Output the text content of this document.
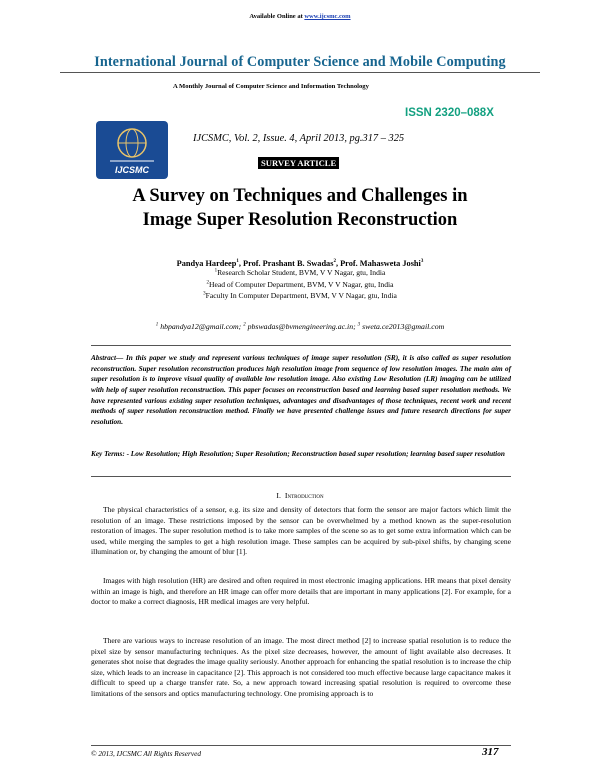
Available Online at www.ijcsmc.com
International Journal of Computer Science and Mobile Computing
A Monthly Journal of Computer Science and Information Technology
ISSN 2320–088X
IJCSMC
IJCSMC, Vol. 2, Issue. 4, April 2013, pg.317 – 325
SURVEY ARTICLE
A Survey on Techniques and Challenges in
Image Super Resolution Reconstruction
Pandya Hardeep$^1$, Prof. Prashant B. Swadas$^2$, Prof. Mahasweta Joshi$^3$
$^1$Research Scholar Student, BVM, V V Nagar, gtu, India
$^2$Head of Computer Department, BVM, V V Nagar, gtu, India
$^3$Faculty In Computer Department, BVM, V V Nagar, gtu, India
$^1$ hbpandya12@gmail.com; $^2$ pbswadas@bvmengineering.ac.in; $^3$ sweta.ce2013@gmail.com
Abstract— In this paper we study and represent various techniques of image super resolution (SR), it is also called as super resolution reconstruction. Super resolution reconstruction produces high resolution image from sequence of low resolution images. The main aim of super resolution is to improve visual quality of available low resolution image. Also existing Low Resolution (LR) imaging can be utilized with help of super resolution reconstruction. This paper focuses on reconstruction based and learning based super resolution methods. We have represented various existing super resolution techniques, advantages and disadvantages of those techniques, recent work and recent methods of super resolution reconstruction method. Finally we have presented challenge issues and future research directions for super resolution.
Key Terms: - Low Resolution; High Resolution; Super Resolution; Reconstruction based super resolution; learning based super resolution
I. Introduction
The physical characteristics of a sensor, e.g. its size and density of detectors that form the sensor are major factors which limit the resolution of an image. These restrictions imposed by the sensor can be overwhelmed by a method known as the super-resolution restoration of images. The super resolution method is to take more samples of the scene so as to get some extra information which can be used, while merging the samples to get a high resolution image. These samples can be acquired by sub-pixel shifts, by changing scene illumination or, by changing the amount of blur [1].
Images with high resolution (HR) are desired and often required in most electronic imaging applications. HR means that pixel density within an image is high, and therefore an HR image can offer more details that are important in many applications [2]. For example, for a doctor to make a correct diagnosis, HR medical images are very helpful.
There are various ways to increase resolution of an image. The most direct method [2] to increase spatial resolution is to reduce the pixel size by sensor manufacturing techniques. As the pixel size decreases, however, the amount of light available also decreases. It generates shot noise that degrades the image quality seriously. Another approach for enhancing the spatial resolution is to increase the chip size, which leads to an increase in capacitance [2]. This approach is not considered too much effective because large capacitance makes it difficult to speed up a charge transfer rate. So, a new approach toward increasing spatial resolution is required to overcome these limitations of the sensors and optics manufacturing technology. One promising approach is to
© 2013, IJCSMC All Rights Reserved	317
